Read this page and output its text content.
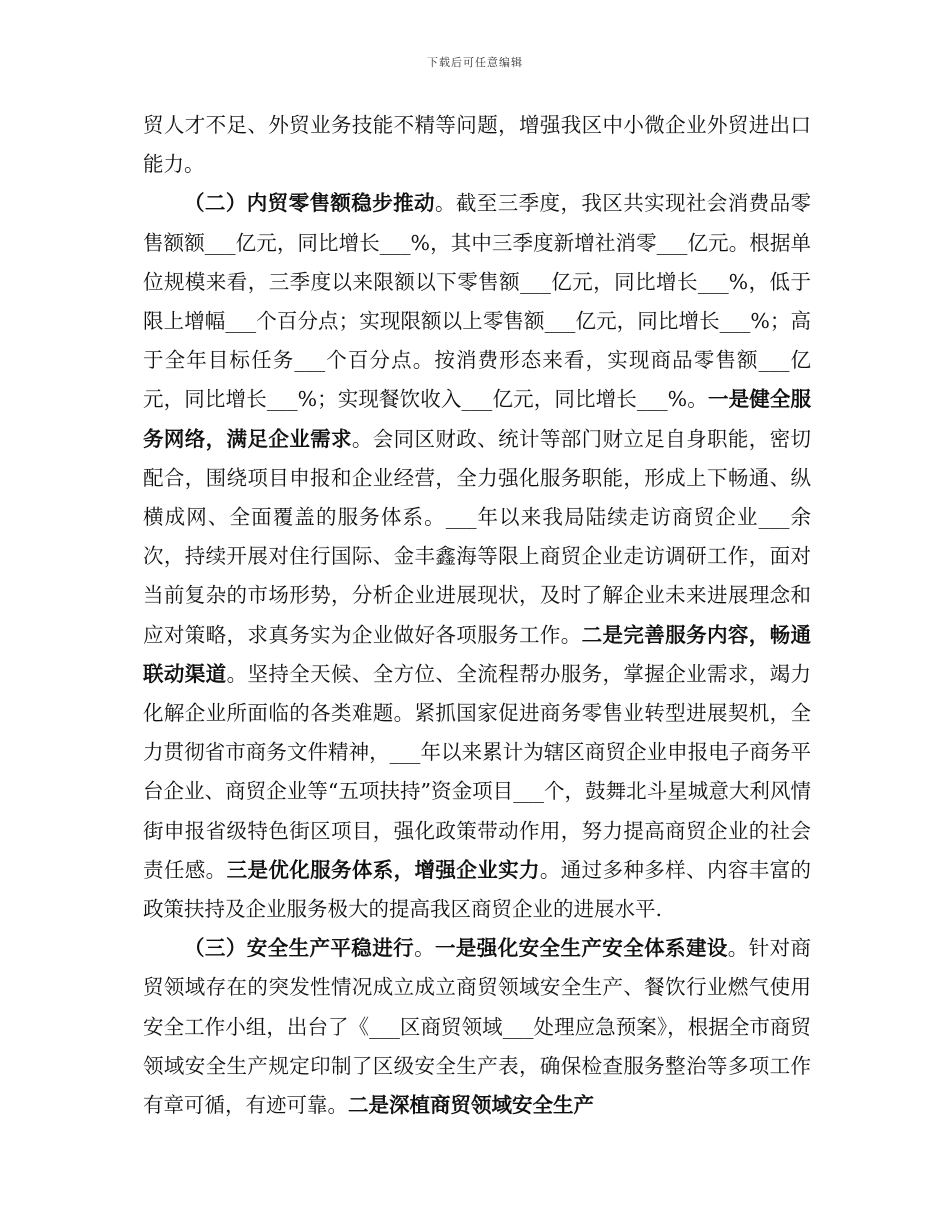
下载后可任意编辑

贸人才不足、外贸业务技能不精等问题，增强我区中小微企业外贸进出口能力。

（二）内贸零售额稳步推动。截至三季度，我区共实现社会消费品零售额额___亿元，同比增长___%，其中三季度新增社消零___亿元。根据单位规模来看，三季度以来限额以下零售额___亿元，同比增长___%，低于限上增幅___个百分点；实现限额以上零售额___亿元，同比增长___%；高于全年目标任务___个百分点。按消费形态来看，实现商品零售额___亿元，同比增长___%；实现餐饮收入___亿元，同比增长___%。一是健全服务网络，满足企业需求。会同区财政、统计等部门财立足自身职能，密切配合，围绕项目申报和企业经营，全力强化服务职能，形成上下畅通、纵横成网、全面覆盖的服务体系。___年以来我局陆续走访商贸企业___余次，持续开展对住行国际、金丰鑫海等限上商贸企业走访调研工作，面对当前复杂的市场形势，分析企业进展现状，及时了解企业未来进展理念和应对策略，求真务实为企业做好各项服务工作。二是完善服务内容，畅通联动渠道。坚持全天候、全方位、全流程帮办服务，掌握企业需求，竭力化解企业所面临的各类难题。紧抓国家促进商务零售业转型进展契机，全力贯彻省市商务文件精神，___年以来累计为辖区商贸企业申报电子商务平台企业、商贸企业等“五项扶持”资金项目___个，鼓舞北斗星城意大利风情街申报省级特色街区项目，强化政策带动作用，努力提高商贸企业的社会责任感。三是优化服务体系，增强企业实力。通过多种多样、内容丰富的政策扶持及企业服务极大的提高我区商贸企业的进展水平.

（三）安全生产平稳进行。一是强化安全生产安全体系建设。针对商贸领域存在的突发性情况成立成立商贸领域安全生产、餐饮行业燃气使用安全工作小组，出台了《___区商贸领域___处理应急预案》，根据全市商贸领域安全生产规定印制了区级安全生产表，确保检查服务整治等多项工作有章可循，有迹可靠。二是深植商贸领域安全生产
